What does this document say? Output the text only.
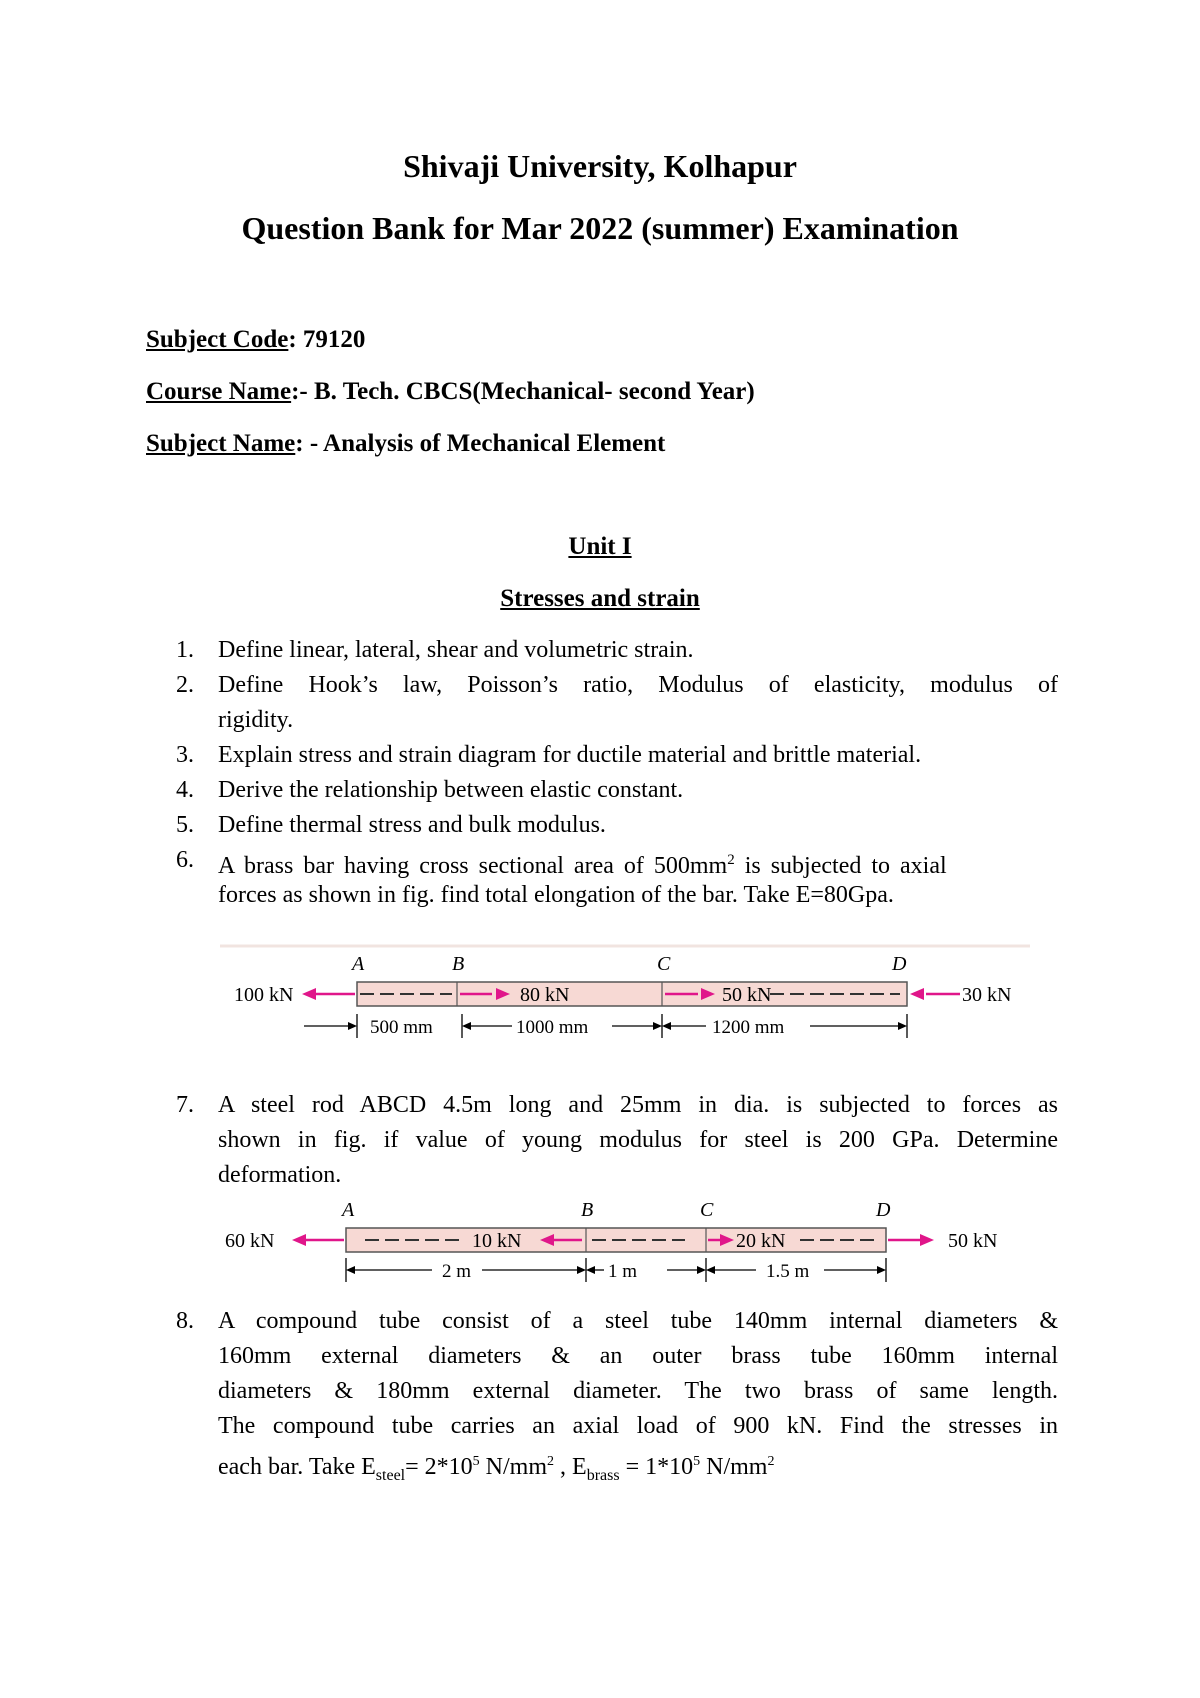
Shivaji University, Kolhapur
Question Bank for Mar 2022 (summer) Examination
Subject Code: 79120
Course Name:- B. Tech. CBCS(Mechanical- second Year)
Subject Name: - Analysis of Mechanical Element
Unit I
Stresses and strain
1. Define linear, lateral, shear and volumetric strain.
2. Define Hook’s law, Poisson’s ratio, Modulus of elasticity, modulus of
rigidity.
3. Explain stress and strain diagram for ductile material and brittle material.
4. Derive the relationship between elastic constant.
5. Define thermal stress and bulk modulus.
6. A brass bar having cross sectional area of $500mm^2$ is subjected to axial
forces as shown in fig. find total elongation of the bar. Take E=80Gpa.
A	B	C	D
100 kN	80 kN	50 kN	30 kN
500 mm	1000 mm	1200 mm
7. A steel rod ABCD 4.5m long and 25mm in dia. is subjected to forces as
shown in fig. if value of young modulus for steel is 200 GPa. Determine
deformation.
A	B	C	D
60 kN	10 kN	20 kN	50 kN
2 m	1 m	1.5 m
8. A compound tube consist of a steel tube 140mm internal diameters &
160mm external diameters & an outer brass tube 160mm internal
diameters & 180mm external diameter. The two brass of same length.
The compound tube carries an axial load of 900 kN. Find the stresses in
each bar. Take $E_{steel}= 2*10^5$ $N/mm^2$ , $E_{brass} = 1*10^5$ $N/mm^2$
